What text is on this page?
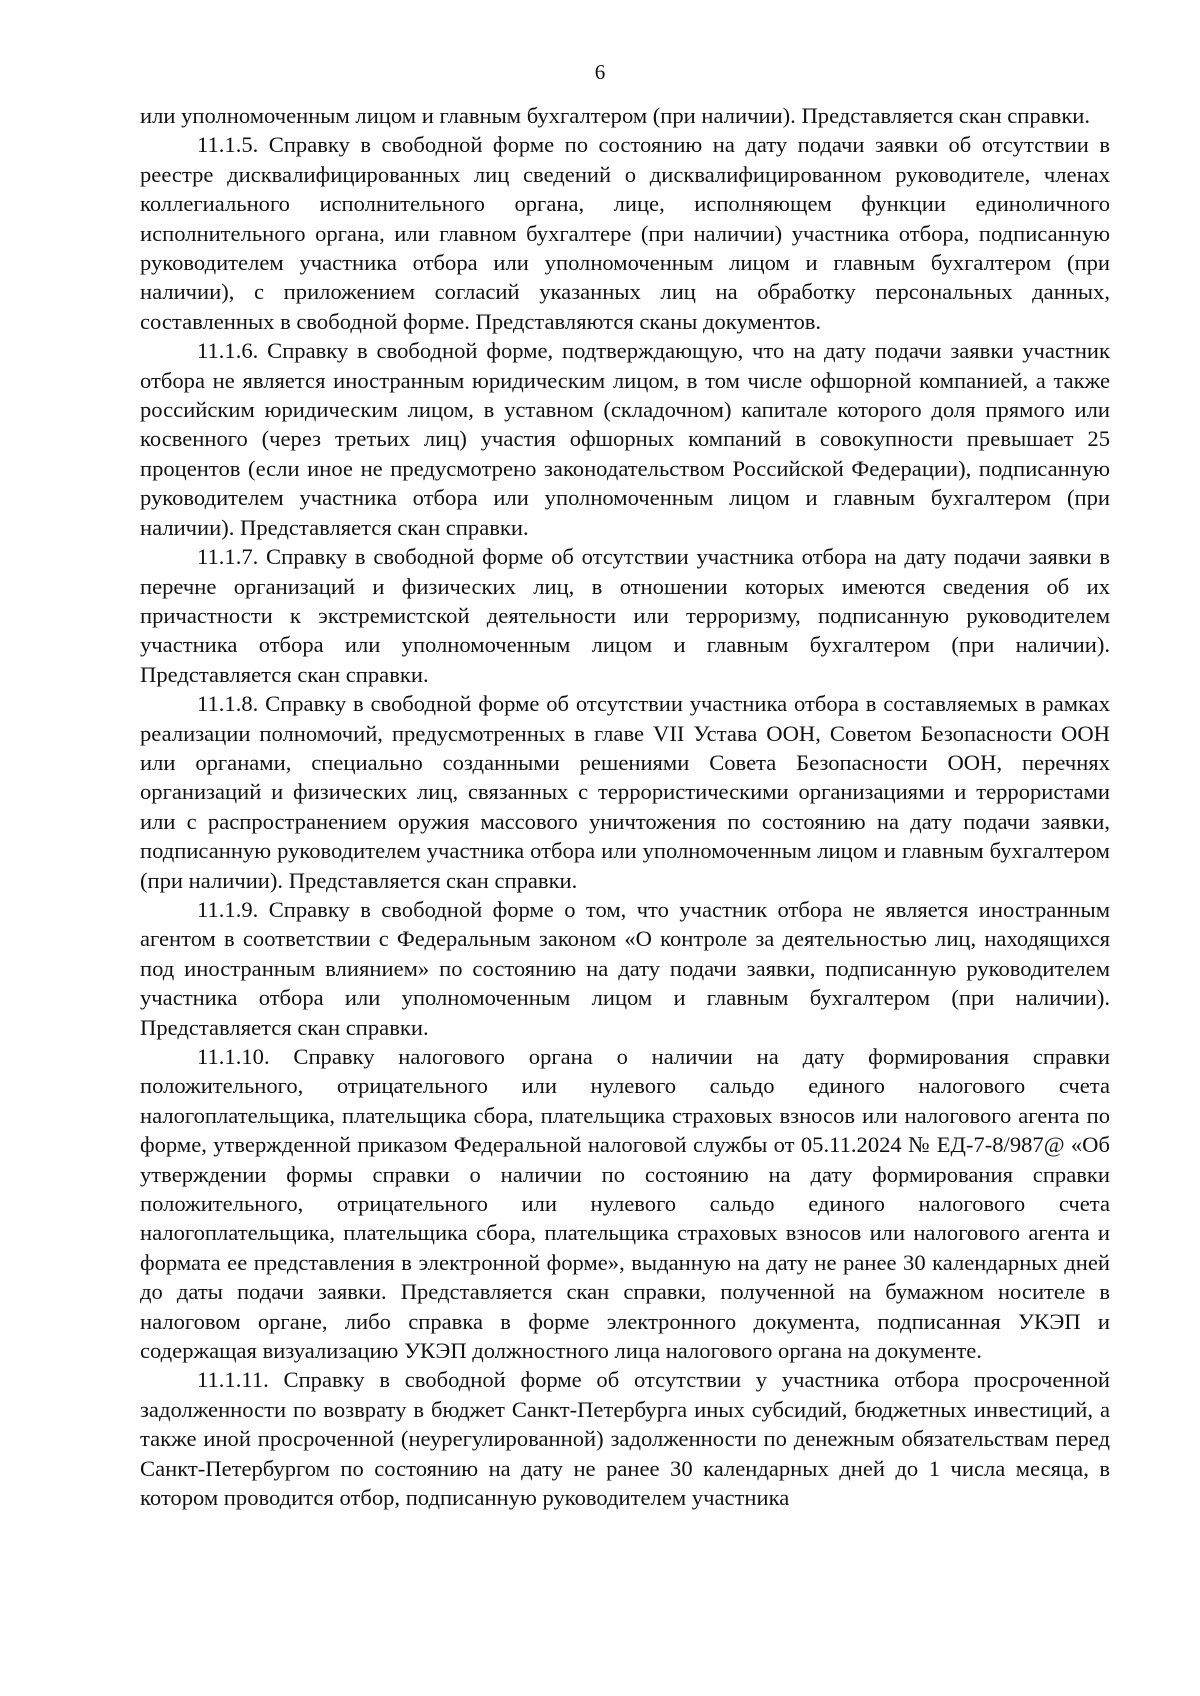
6

или уполномоченным лицом и главным бухгалтером (при наличии). Представляется скан справки.

11.1.5. Справку в свободной форме по состоянию на дату подачи заявки об отсутствии в реестре дисквалифицированных лиц сведений о дисквалифицированном руководителе, членах коллегиального исполнительного органа, лице, исполняющем функции единоличного исполнительного органа, или главном бухгалтере (при наличии) участника отбора, подписанную руководителем участника отбора или уполномоченным лицом и главным бухгалтером (при наличии), с приложением согласий указанных лиц на обработку персональных данных, составленных в свободной форме. Представляются сканы документов.

11.1.6. Справку в свободной форме, подтверждающую, что на дату подачи заявки участник отбора не является иностранным юридическим лицом, в том числе офшорной компанией, а также российским юридическим лицом, в уставном (складочном) капитале которого доля прямого или косвенного (через третьих лиц) участия офшорных компаний в совокупности превышает 25 процентов (если иное не предусмотрено законодательством Российской Федерации), подписанную руководителем участника отбора или уполномоченным лицом и главным бухгалтером (при наличии). Представляется скан справки.

11.1.7. Справку в свободной форме об отсутствии участника отбора на дату подачи заявки в перечне организаций и физических лиц, в отношении которых имеются сведения об их причастности к экстремистской деятельности или терроризму, подписанную руководителем участника отбора или уполномоченным лицом и главным бухгалтером (при наличии). Представляется скан справки.

11.1.8. Справку в свободной форме об отсутствии участника отбора в составляемых в рамках реализации полномочий, предусмотренных в главе VII Устава ООН, Советом Безопасности ООН или органами, специально созданными решениями Совета Безопасности ООН, перечнях организаций и физических лиц, связанных с террористическими организациями и террористами или с распространением оружия массового уничтожения по состоянию на дату подачи заявки, подписанную руководителем участника отбора или уполномоченным лицом и главным бухгалтером (при наличии). Представляется скан справки.

11.1.9. Справку в свободной форме о том, что участник отбора не является иностранным агентом в соответствии с Федеральным законом «О контроле за деятельностью лиц, находящихся под иностранным влиянием» по состоянию на дату подачи заявки, подписанную руководителем участника отбора или уполномоченным лицом и главным бухгалтером (при наличии). Представляется скан справки.

11.1.10. Справку налогового органа о наличии на дату формирования справки положительного, отрицательного или нулевого сальдо единого налогового счета налогоплательщика, плательщика сбора, плательщика страховых взносов или налогового агента по форме, утвержденной приказом Федеральной налоговой службы от 05.11.2024 № ЕД-7-8/987@ «Об утверждении формы справки о наличии по состоянию на дату формирования справки положительного, отрицательного или нулевого сальдо единого налогового счета налогоплательщика, плательщика сбора, плательщика страховых взносов или налогового агента и формата ее представления в электронной форме», выданную на дату не ранее 30 календарных дней до даты подачи заявки. Представляется скан справки, полученной на бумажном носителе в налоговом органе, либо справка в форме электронного документа, подписанная УКЭП и содержащая визуализацию УКЭП должностного лица налогового органа на документе.

11.1.11. Справку в свободной форме об отсутствии у участника отбора просроченной задолженности по возврату в бюджет Санкт-Петербурга иных субсидий, бюджетных инвестиций, а также иной просроченной (неурегулированной) задолженности по денежным обязательствам перед Санкт-Петербургом по состоянию на дату не ранее 30 календарных дней до 1 числа месяца, в котором проводится отбор, подписанную руководителем участника
